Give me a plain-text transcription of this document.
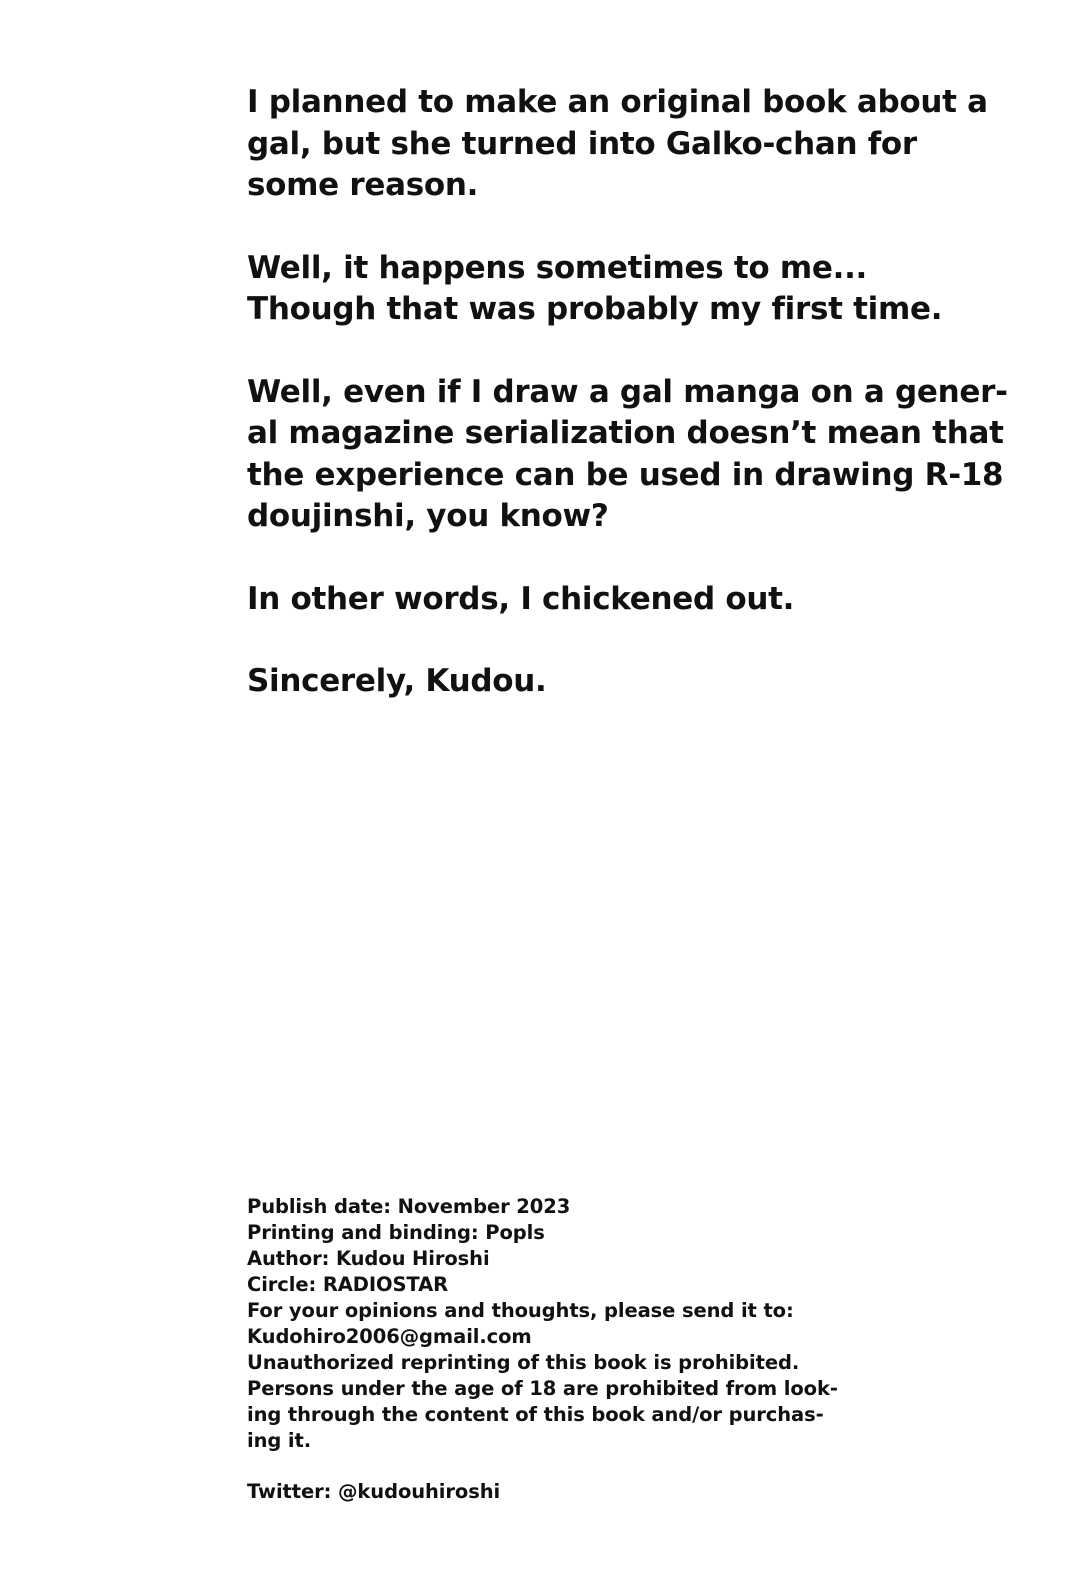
I planned to make an original book about a
gal, but she turned into Galko-chan for
some reason.

Well, it happens sometimes to me...
Though that was probably my first time.

Well, even if I draw a gal manga on a gener-
al magazine serialization doesn’t mean that
the experience can be used in drawing R-18
doujinshi, you know?

In other words, I chickened out.

Sincerely, Kudou.

Publish date: November 2023
Printing and binding: Popls
Author: Kudou Hiroshi
Circle: RADIOSTAR
For your opinions and thoughts, please send it to:
Kudohiro2006@gmail.com
Unauthorized reprinting of this book is prohibited.
Persons under the age of 18 are prohibited from look-
ing through the content of this book and/or purchas-
ing it.
Twitter: @kudouhiroshi
